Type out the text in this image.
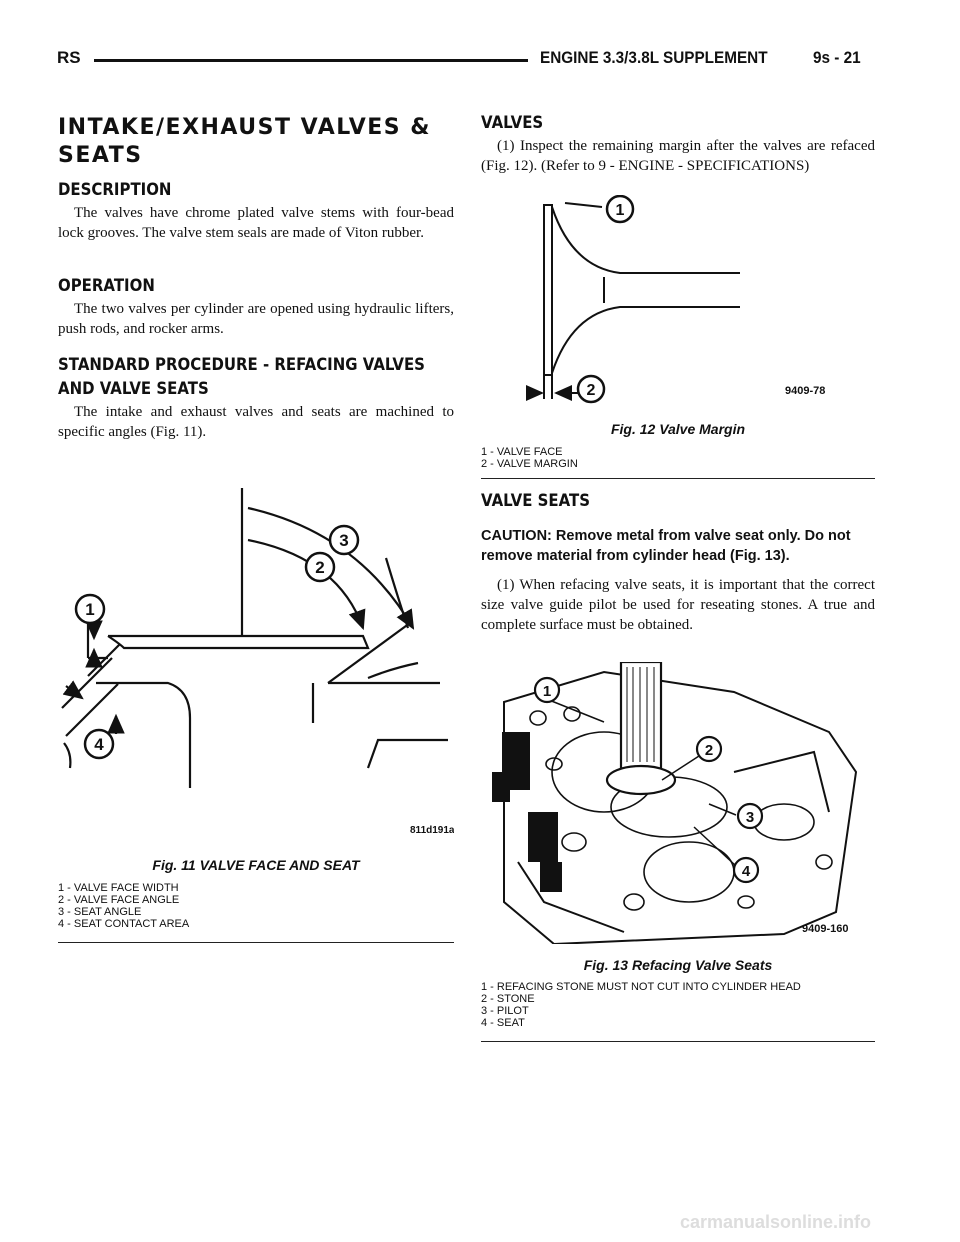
RS	ENGINE 3.3/3.8L SUPPLEMENT	9s - 21
INTAKE/EXHAUST VALVES & SEATS
DESCRIPTION
The valves have chrome plated valve stems with four-bead lock grooves. The valve stem seals are made of Viton rubber.
OPERATION
The two valves per cylinder are opened using hydraulic lifters, push rods, and rocker arms.
STANDARD PROCEDURE - REFACING VALVES AND VALVE SEATS
The intake and exhaust valves and seats are machined to specific angles (Fig. 11).
1
3
2
4
811d191a
Fig. 11 VALVE FACE AND SEAT
1 - VALVE FACE WIDTH
2 - VALVE FACE ANGLE
3 - SEAT ANGLE
4 - SEAT CONTACT AREA
VALVES
(1) Inspect the remaining margin after the valves are refaced (Fig. 12). (Refer to 9 - ENGINE - SPECIFICATIONS)
1
2	9409-78
Fig. 12 Valve Margin
1 - VALVE FACE
2 - VALVE MARGIN
VALVE SEATS
CAUTION: Remove metal from valve seat only. Do not remove material from cylinder head (Fig. 13).
(1) When refacing valve seats, it is important that the correct size valve guide pilot be used for reseating stones. A true and complete surface must be obtained.
1
2
3
4
9409-160
Fig. 13 Refacing Valve Seats
1 - REFACING STONE MUST NOT CUT INTO CYLINDER HEAD
2 - STONE
3 - PILOT
4 - SEAT
carmanualsonline.info
